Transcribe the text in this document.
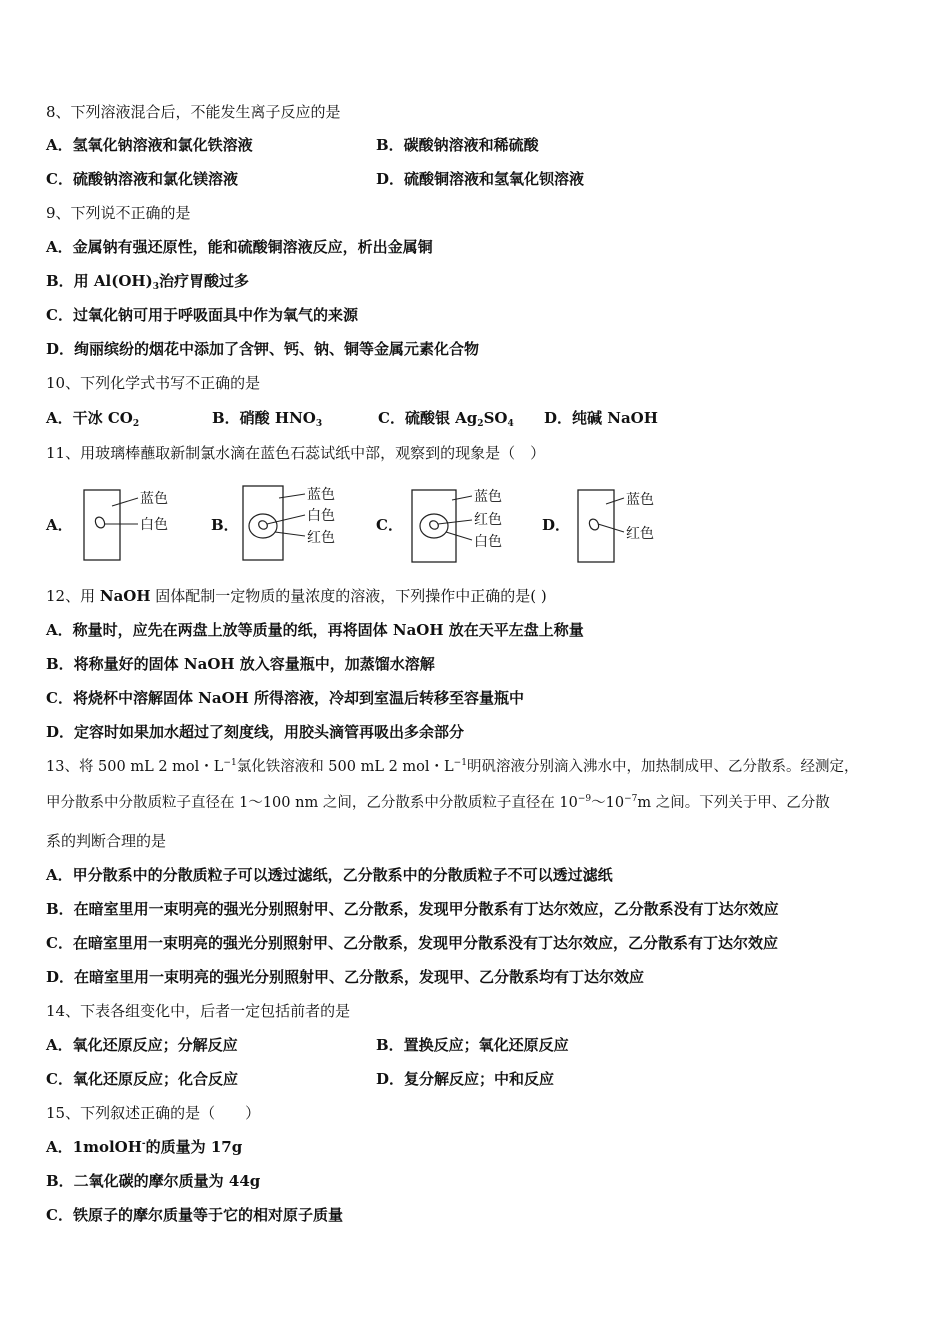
8、下列溶液混合后，不能发生离子反应的是
A．氢氧化钠溶液和氯化铁溶液	B．碳酸钠溶液和稀硫酸
C．硫酸钠溶液和氯化镁溶液	D．硫酸铜溶液和氢氧化钡溶液
9、下列说不正确的是
A．金属钠有强还原性，能和硫酸铜溶液反应，析出金属铜
B．用 $Al(OH)_3$治疗胃酸过多
C．过氧化钠可用于呼吸面具中作为氧气的来源
D．绚丽缤纷的烟花中添加了含钾、钙、钠、铜等金属元素化合物
10、下列化学式书写不正确的是
A．干冰 $CO_2$	B．硝酸 $HNO_3$	C．硫酸银 $Ag_2SO_4$ D．纯碱 NaOH
11、用玻璃棒蘸取新制氯水滴在蓝色石蕊试纸中部，观察到的现象是（　）
A．
蓝色
白色	B．
蓝色
白色
红色
C．
蓝色
红色
白色
D．
蓝色
红色
12、用 NaOH 固体配制一定物质的量浓度的溶液，下列操作中正确的是( )
A．称量时，应先在两盘上放等质量的纸，再将固体 NaOH 放在天平左盘上称量
B．将称量好的固体 NaOH 放入容量瓶中，加蒸馏水溶解
C．将烧杯中溶解固体 NaOH 所得溶液，冷却到室温后转移至容量瓶中
D．定容时如果加水超过了刻度线，用胶头滴管再吸出多余部分
13、将 500 mL 2 mol・$L^{-1}$氯化铁溶液和 500 mL 2 mol・$L^{-1}$明矾溶液分别滴入沸水中，加热制成甲、乙分散系。经测定，
甲分散系中分散质粒子直径在 1～100 nm 之间，乙分散系中分散质粒子直径在 $10^{-9}\sim 10^{-7}m$ 之间。下列关于甲、乙分散
系的判断合理的是
A．甲分散系中的分散质粒子可以透过滤纸，乙分散系中的分散质粒子不可以透过滤纸
B．在暗室里用一束明亮的强光分别照射甲、乙分散系，发现甲分散系有丁达尔效应，乙分散系没有丁达尔效应
C．在暗室里用一束明亮的强光分别照射甲、乙分散系，发现甲分散系没有丁达尔效应，乙分散系有丁达尔效应
D．在暗室里用一束明亮的强光分别照射甲、乙分散系，发现甲、乙分散系均有丁达尔效应
14、下表各组变化中，后者一定包括前者的是
A．氧化还原反应；分解反应	B．置换反应；氧化还原反应
C．氧化还原反应；化合反应	D．复分解反应；中和反应
15、下列叙述正确的是（　　）
A．1molOH-的质量为 17g
B．二氧化碳的摩尔质量为 44g
C．铁原子的摩尔质量等于它的相对原子质量
